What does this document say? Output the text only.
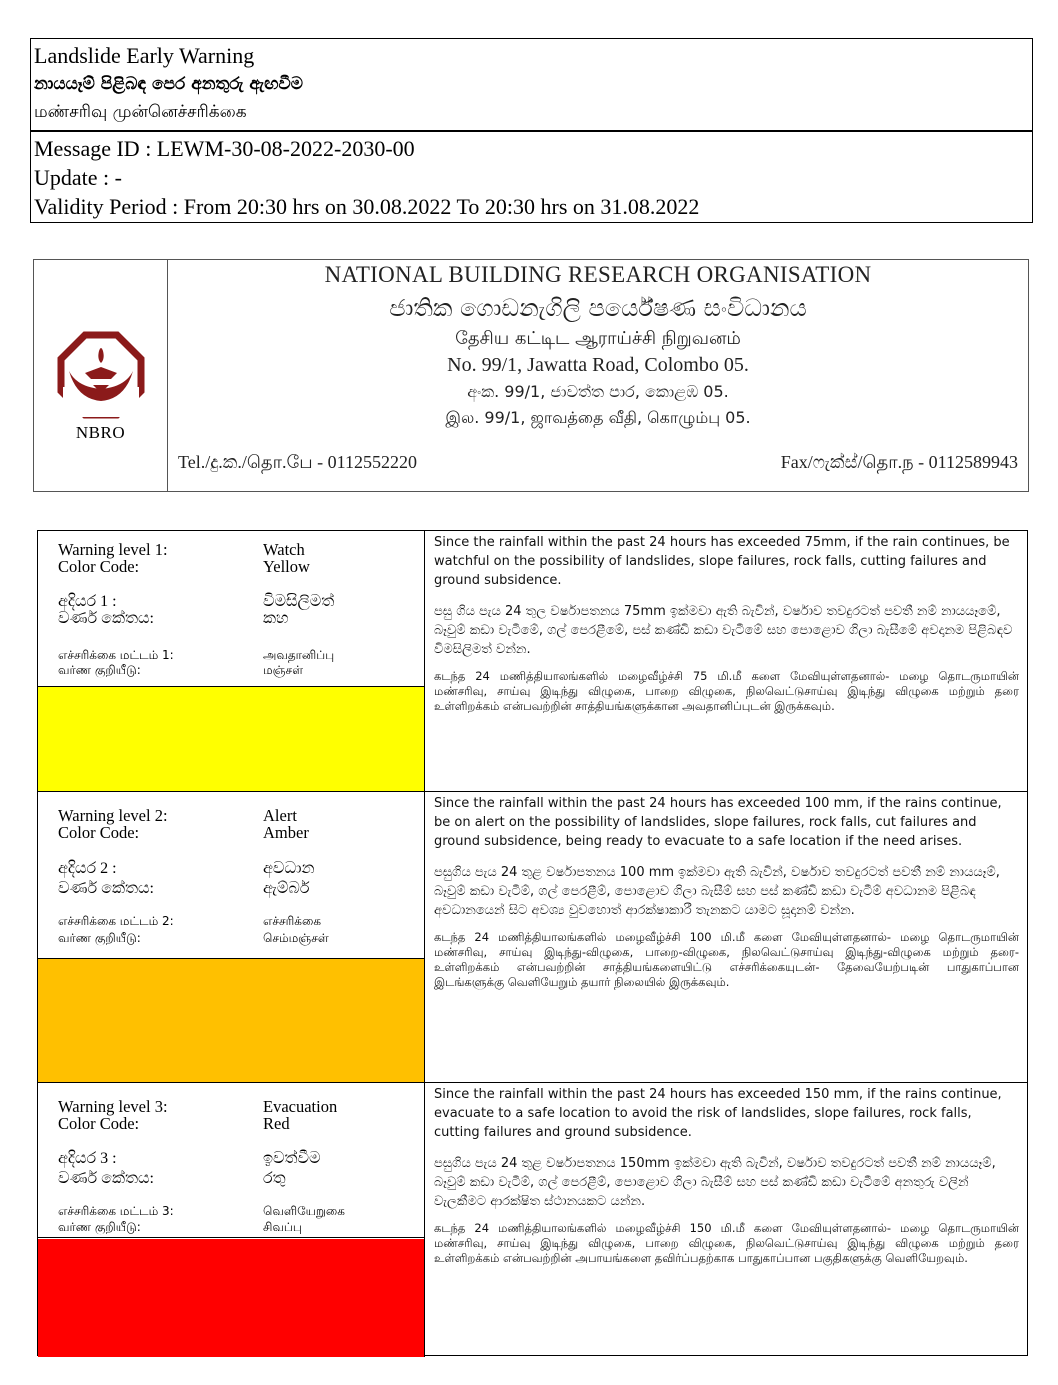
Landslide Early Warning
නායයෑම් පිළිබඳ පෙර අනතුරු ඇඟවීම
மண்சரிவு முன்னெச்சரிக்கை
Message ID : LEWM-30-08-2022-2030-00
Update : -
Validity Period : From 20:30 hrs on 30.08.2022 To 20:30 hrs on 31.08.2022
NBRO
NATIONAL BUILDING RESEARCH ORGANISATION
ජාතික ගොඩනැගිලි පර්යේෂණ සංවිධානය
தேசிய கட்டிட ஆராய்ச்சி நிறுவனம்
No. 99/1, Jawatta Road, Colombo 05.
අංක. 99/1, ජාවත්ත පාර, කොළඹ 05.
இல. 99/1, ஜாவத்தை வீதி, கொழும்பு 05.
Tel./දු.ක./தொ.பே - 0112552220	Fax/ෆැක්ස්/தொ.ந - 0112589943
Warning level 1:
Color Code:
Watch
Yellow
අදියර 1 :
වර්ණ කේතය:
විමසිලිමත්
කහ
எச்சரிக்கை மட்டம் 1:
வர்ண குறியீடு:
அவதானிப்பு
மஞ்சள்
Since the rainfall within the past 24 hours has exceeded 75mm, if the rain continues, be watchful on the possibility of landslides, slope failures, rock falls, cutting failures and ground subsidence.
පසු ගිය පැය 24 තුල වර්ෂාපතනය 75mm ඉක්මවා ඇති බැවින්, වර්ෂාව තවදුරටත් පවතී නම් නායයෑමේ, බෑවුම් කඩා වැටීමේ, ගල් පෙරළීමේ, පස් කණ්ඩි කඩා වැටීමේ සහ පොළොව ගිලා බැසීමේ අවදානම පිළිබඳව විමසිලිමත් වන්න.
கடந்த 24 மணித்தியாலங்களில் மழைவீழ்ச்சி 75 மி.மீ களை மேவியுள்ளதனால்- மழை தொடருமாயின் மண்சரிவு, சாய்வு இடிந்து விழுகை, பாறை விழுகை, நிலவெட்டுசாய்வு இடிந்து விழுகை மற்றும் தரை உள்ளிறக்கம் என்பவற்றின் சாத்தியங்களுக்கான அவதானிப்புடன் இருக்கவும்.
Warning level 2:
Color Code:
Alert
Amber
අදියර 2 :
වර්ණ කේතය:
අවධාන
ඇම්බර්
எச்சரிக்கை மட்டம் 2:
வர்ண குறியீடு:
எச்சரிக்கை
செம்மஞ்சள்
Since the rainfall within the past 24 hours has exceeded 100 mm, if the rains continue, be on alert on the possibility of landslides, slope failures, rock falls, cut failures and ground subsidence, being ready to evacuate to a safe location if the need arises.
පසුගිය පැය 24 තුළ වර්ෂාපතනය 100 mm ඉක්මවා ඇති බැවින්, වර්ෂාව තවදුරටත් පවතී නම් නායයෑම්, බෑවුම් කඩා වැටීම්, ගල් පෙරළීම්, පොළොව ගිලා බැසීම් සහ පස් කණ්ඩි කඩා වැටීම් අවධානම පිළිබඳ අවධානයෙන් සිට අවශ්‍ය වුවහොත් ආරක්ෂාකාරී තැනකට යාමට සූදානම් වන්න.
கடந்த 24 மணித்தியாலங்களில் மழைவீழ்ச்சி 100 மி.மீ களை மேவியுள்ளதனால்- மழை தொடருமாயின் மண்சரிவு, சாய்வு இடிந்து-விழுகை, பாறை-விழுகை, நிலவெட்டுசாய்வு இடிந்து-விழுகை மற்றும் தரை-உள்ளிறக்கம் என்பவற்றின் சாத்தியங்களையிட்டு எச்சரிக்கையுடன்- தேவையேற்படின் பாதுகாப்பான இடங்களுக்கு வெளியேறும் தயார் நிலையில் இருக்கவும்.
Warning level 3:
Color Code:
Evacuation
Red
අදියර 3 :
වර්ණ කේතය:
ඉවත්වීම
රතු
எச்சரிக்கை மட்டம் 3:
வர்ண குறியீடு:
வெளியேறுகை
சிவப்பு
Since the rainfall within the past 24 hours has exceeded 150 mm, if the rains continue, evacuate to a safe location to avoid the risk of landslides, slope failures, rock falls, cutting failures and ground subsidence.
පසුගිය පැය 24 තුළ වර්ෂාපතනය 150mm ඉක්මවා ඇති බැවින්, වර්ෂාව තවදුරටත් පවතී නම් නායයෑම්, බෑවුම් කඩා වැටීම්, ගල් පෙරළීම්, පොළොව ගිලා බැසීම් සහ පස් කණ්ඩි කඩා වැටීමේ අනතුරු වලින් වැලකීමට ආරක්ෂිත ස්ථානයකට යන්න.
கடந்த 24 மணித்தியாலங்களில் மழைவீழ்ச்சி 150 மி.மீ களை மேவியுள்ளதனால்- மழை தொடருமாயின் மண்சரிவு, சாய்வு இடிந்து விழுகை, பாறை விழுகை, நிலவெட்டுசாய்வு இடிந்து விழுகை மற்றும் தரை உள்ளிறக்கம் என்பவற்றின் அபாயங்களை தவிர்ப்பதற்காக பாதுகாப்பான பகுதிகளுக்கு வெளியேறவும்.
